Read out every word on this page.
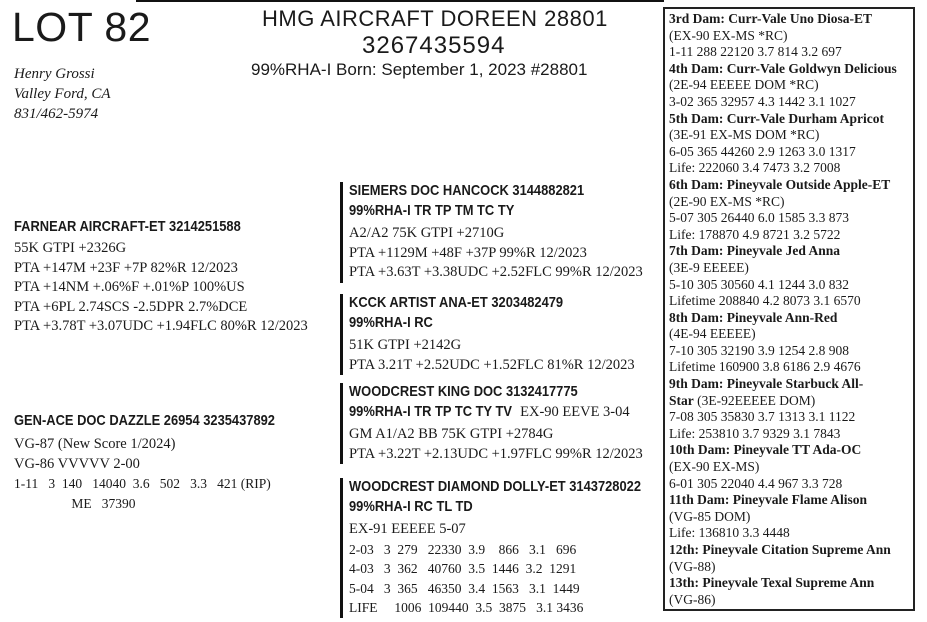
LOT 82	HMG AIRCRAFT DOREEN 28801
3267435594
99%RHA-I Born: September 1, 2023 #28801
Henry Grossi
Valley Ford, CA
831/462-5974
FARNEAR AIRCRAFT-ET 3214251588
55K GTPI +2326G
PTA +147M +23F +7P 82%R 12/2023
PTA +14NM +.06%F +.01%P 100%US
PTA +6PL 2.74SCS -2.5DPR 2.7%DCE
PTA +3.78T +3.07UDC +1.94FLC 80%R 12/2023
GEN-ACE DOC DAZZLE 26954 3235437892
VG-87 (New Score 1/2024)
VG-86 VVVVV 2-00
1-11   3  140   14040  3.6   502   3.3   421 (RIP)
ME   37390
SIEMERS DOC HANCOCK 3144882821
99%RHA-I TR TP TM TC TY
A2/A2 75K GTPI +2710G
PTA +1129M +48F +37P 99%R 12/2023
PTA +3.63T +3.38UDC +2.52FLC 99%R 12/2023
KCCK ARTIST ANA-ET 3203482479
99%RHA-I RC
51K GTPI +2142G
PTA 3.21T +2.52UDC +1.52FLC 81%R 12/2023
WOODCREST KING DOC 3132417775
99%RHA-I TR TP TC TY TV EX-90 EEVE 3-04
GM A1/A2 BB 75K GTPI +2784G
PTA +3.22T +2.13UDC +1.97FLC 99%R 12/2023
WOODCREST DIAMOND DOLLY-ET 3143728022
99%RHA-I RC TL TD
EX-91 EEEEE 5-07
2-03   3  279   22330  3.9    866   3.1   696
4-03   3  362   40760  3.5  1446  3.2  1291
5-04   3  365   46350  3.4  1563   3.1  1449
LIFE     1006  109440  3.5  3875   3.1 3436
3rd Dam: Curr-Vale Uno Diosa-ET
(EX-90 EX-MS *RC)
1-11 288 22120 3.7 814 3.2 697
4th Dam: Curr-Vale Goldwyn Delicious
(2E-94 EEEEE DOM *RC)
3-02 365 32957 4.3 1442 3.1 1027
5th Dam: Curr-Vale Durham Apricot
(3E-91 EX-MS DOM *RC)
6-05 365 44260 2.9 1263 3.0 1317
Life: 222060 3.4 7473 3.2 7008
6th Dam: Pineyvale Outside Apple-ET
(2E-90 EX-MS *RC)
5-07 305 26440 6.0 1585 3.3 873
Life: 178870 4.9 8721 3.2 5722
7th Dam: Pineyvale Jed Anna
(3E-9 EEEEE)
5-10 305 30560 4.1 1244 3.0 832
Lifetime 208840 4.2 8073 3.1 6570
8th Dam: Pineyvale Ann-Red
(4E-94 EEEEE)
7-10 305 32190 3.9 1254 2.8 908
Lifetime 160900 3.8 6186 2.9 4676
9th Dam: Pineyvale Starbuck All-
Star (3E-92EEEEE DOM)
7-08 305 35830 3.7 1313 3.1 1122
Life: 253810 3.7 9329 3.1 7843
10th Dam: Pineyvale TT Ada-OC
(EX-90 EX-MS)
6-01 305 22040 4.4 967 3.3 728
11th Dam: Pineyvale Flame Alison
(VG-85 DOM)
Life: 136810 3.3 4448
12th: Pineyvale Citation Supreme Ann
(VG-88)
13th: Pineyvale Texal Supreme Ann
(VG-86)
